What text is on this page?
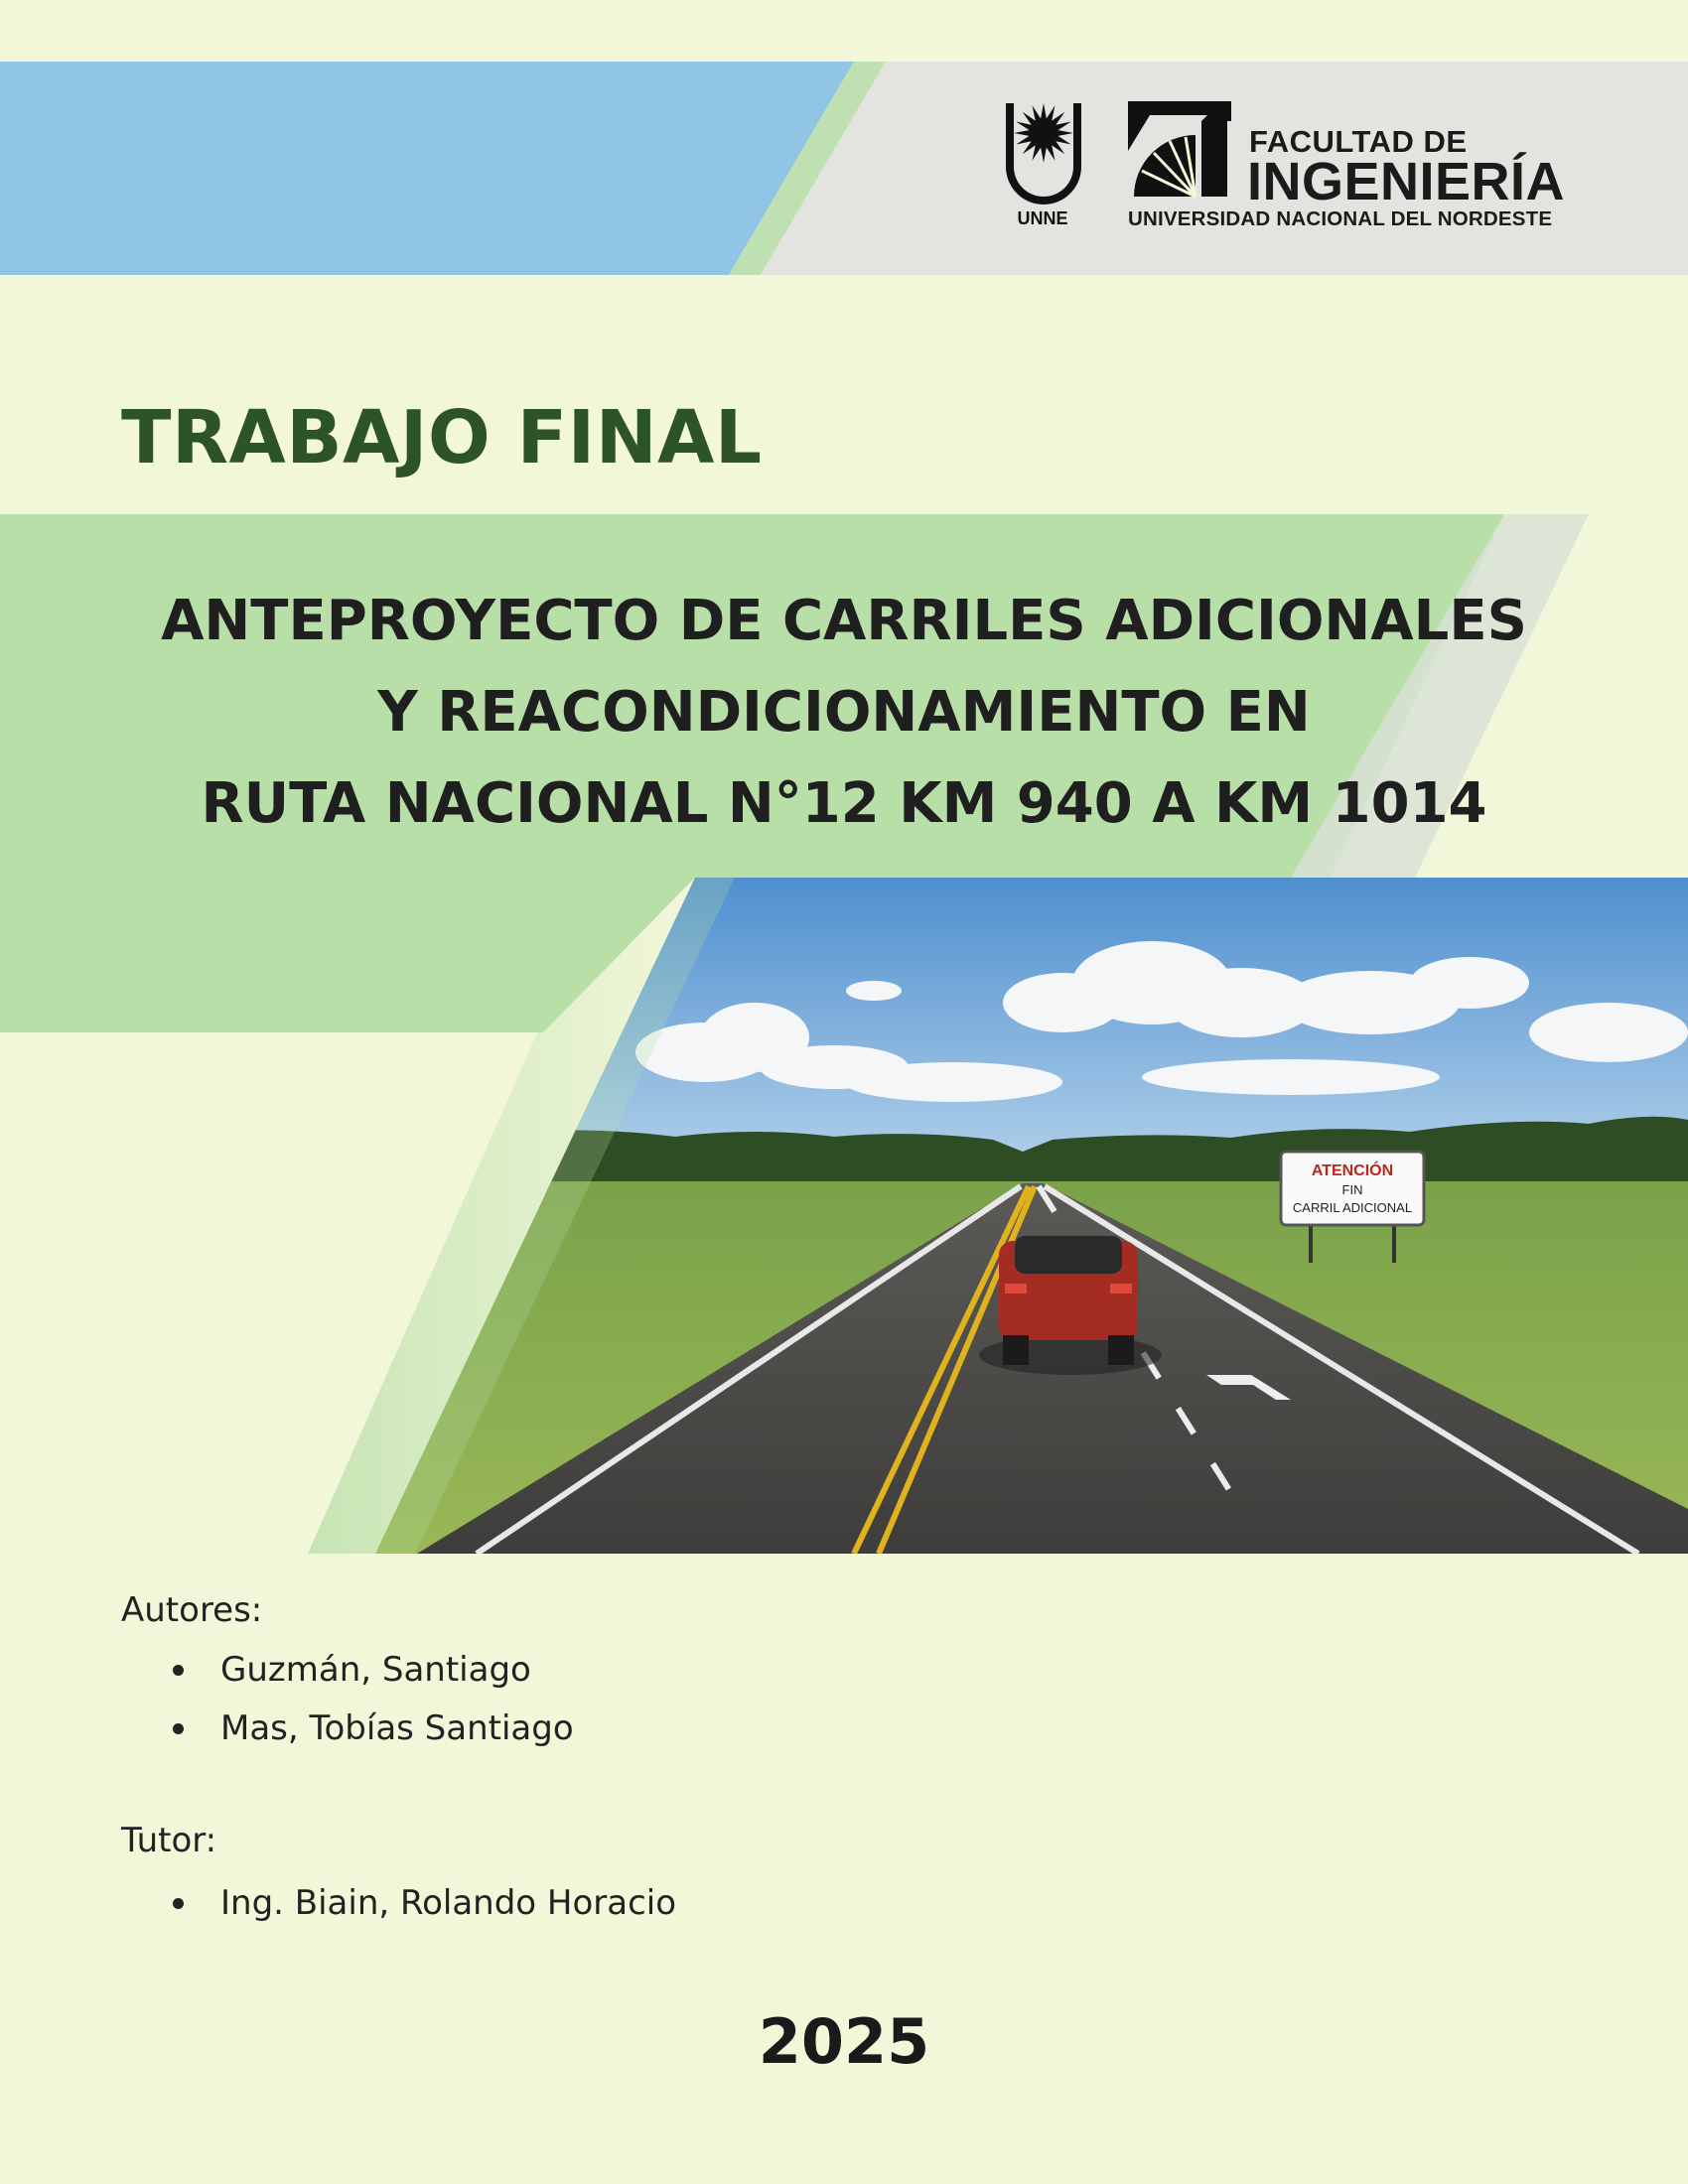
UNNE
FACULTAD DE
INGENIERÍA
UNIVERSIDAD NACIONAL DEL NORDESTE
TRABAJO FINAL
ANTEPROYECTO DE CARRILES ADICIONALES
Y REACONDICIONAMIENTO EN
RUTA NACIONAL N°12 KM 940 A KM 1014
ATENCIÓN
FIN
CARRIL ADICIONAL
Autores:
Guzmán, Santiago
Mas, Tobías Santiago
Tutor:
Ing. Biain, Rolando Horacio
2025
